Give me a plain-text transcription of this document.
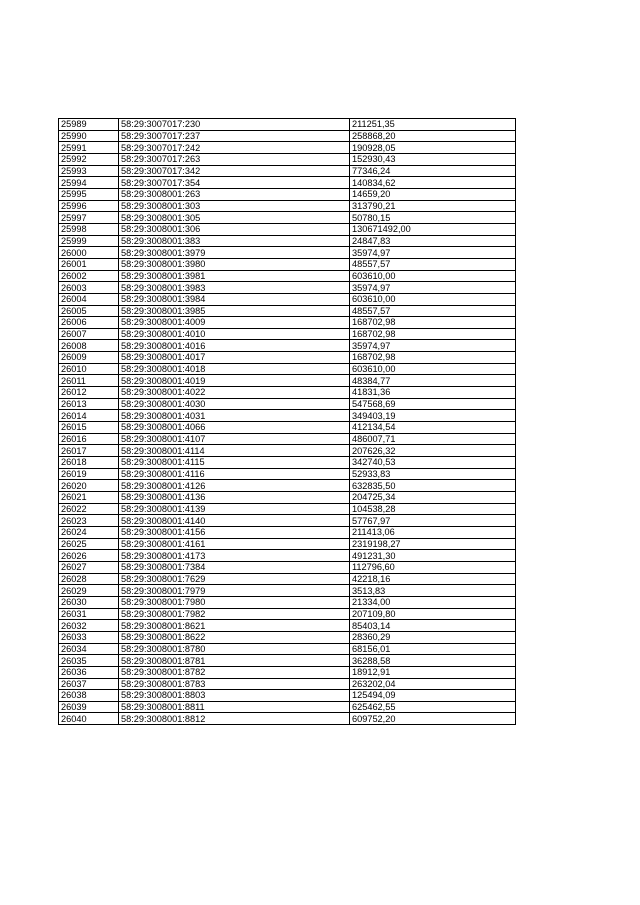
25989	58:29:3007017:230	211251,35
25990	58:29:3007017:237	258868,20
25991	58:29:3007017:242	190928,05
25992	58:29:3007017:263	152930,43
25993	58:29:3007017:342	77346,24
25994	58:29:3007017:354	140834,62
25995	58:29:3008001:263	14659,20
25996	58:29:3008001:303	313790,21
25997	58:29:3008001:305	50780,15
25998	58:29:3008001:306	130671492,00
25999	58:29:3008001:383	24847,83
26000	58:29:3008001:3979	35974,97
26001	58:29:3008001:3980	48557,57
26002	58:29:3008001:3981	603610,00
26003	58:29:3008001:3983	35974,97
26004	58:29:3008001:3984	603610,00
26005	58:29:3008001:3985	48557,57
26006	58:29:3008001:4009	168702,98
26007	58:29:3008001:4010	168702,98
26008	58:29:3008001:4016	35974,97
26009	58:29:3008001:4017	168702,98
26010	58:29:3008001:4018	603610,00
26011	58:29:3008001:4019	48384,77
26012	58:29:3008001:4022	41831,36
26013	58:29:3008001:4030	547568,69
26014	58:29:3008001:4031	349403,19
26015	58:29:3008001:4066	412134,54
26016	58:29:3008001:4107	486007,71
26017	58:29:3008001:4114	207626,32
26018	58:29:3008001:4115	342740,53
26019	58:29:3008001:4116	52933,83
26020	58:29:3008001:4126	632835,50
26021	58:29:3008001:4136	204725,34
26022	58:29:3008001:4139	104538,28
26023	58:29:3008001:4140	57767,97
26024	58:29:3008001:4156	211413,06
26025	58:29:3008001:4161	2319198,27
26026	58:29:3008001:4173	491231,30
26027	58:29:3008001:7384	112796,60
26028	58:29:3008001:7629	42218,16
26029	58:29:3008001:7979	3513,83
26030	58:29:3008001:7980	21334,00
26031	58:29:3008001:7982	207109,80
26032	58:29:3008001:8621	85403,14
26033	58:29:3008001:8622	28360,29
26034	58:29:3008001:8780	68156,01
26035	58:29:3008001:8781	36288,58
26036	58:29:3008001:8782	18912,91
26037	58:29:3008001:8783	263202,04
26038	58:29:3008001:8803	125494,09
26039	58:29:3008001:8811	625462,55
26040	58:29:3008001:8812	609752,20
